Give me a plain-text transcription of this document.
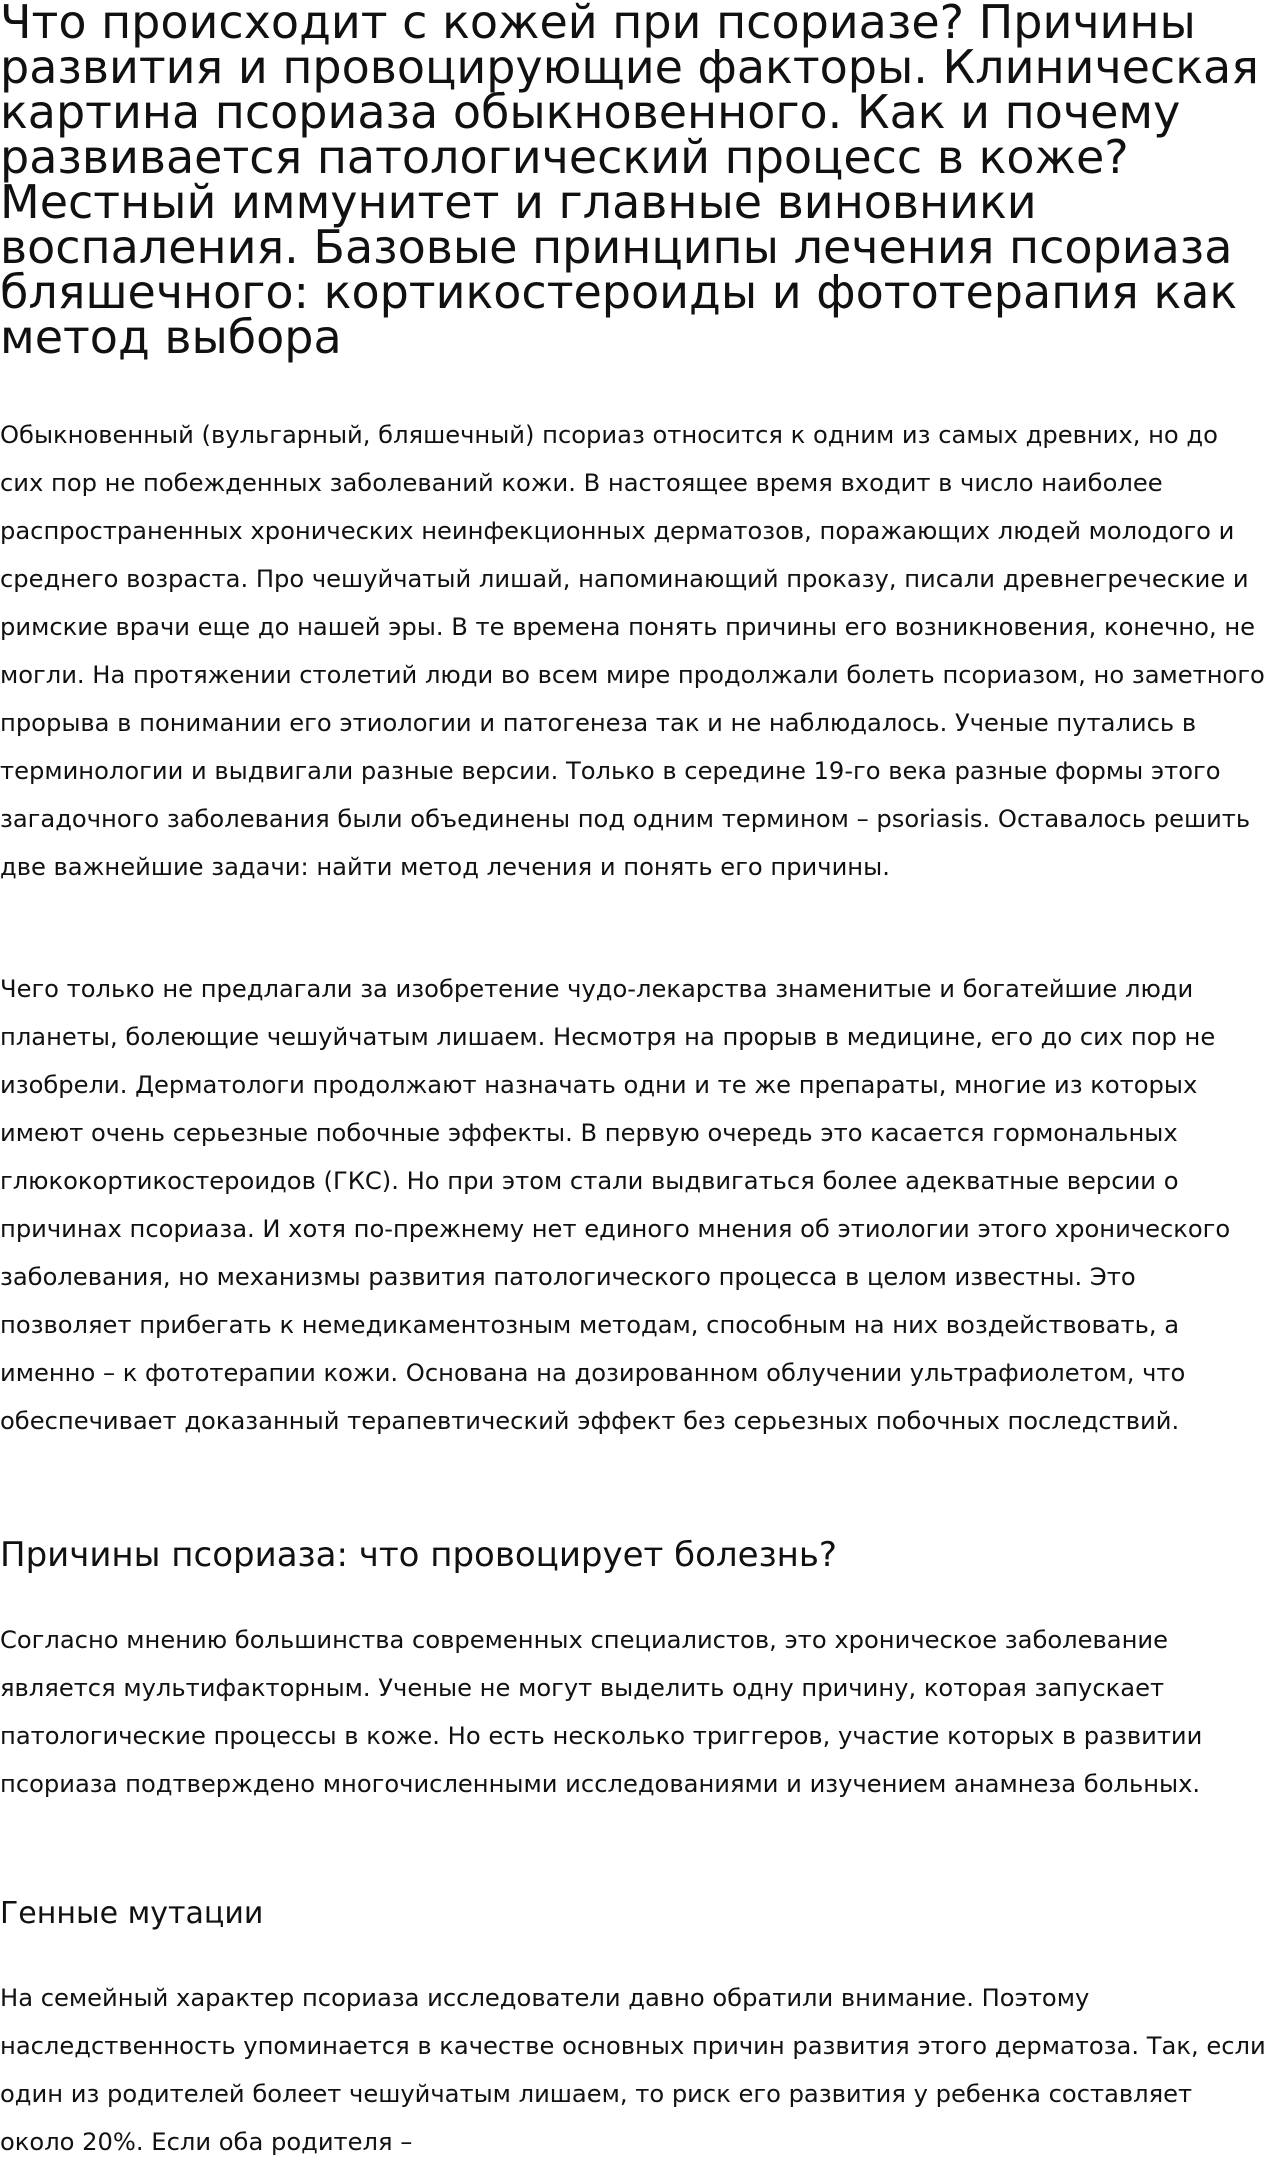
Что происходит с кожей при псориазе? Причины развития и провоцирующие факторы. Клиническая картина псориаза обыкновенного. Как и почему развивается патологический процесс в коже? Местный иммунитет и главные виновники воспаления. Базовые принципы лечения псориаза бляшечного: кортикостероиды и фототерапия как метод выбора

Обыкновенный (вульгарный, бляшечный) псориаз относится к одним из самых древних, но до сих пор не побежденных заболеваний кожи. В настоящее время входит в число наиболее распространенных хронических неинфекционных дерматозов, поражающих людей молодого и среднего возраста. Про чешуйчатый лишай, напоминающий проказу, писали древнегреческие и римские врачи еще до нашей эры. В те времена понять причины его возникновения, конечно, не могли. На протяжении столетий люди во всем мире продолжали болеть псориазом, но заметного прорыва в понимании его этиологии и патогенеза так и не наблюдалось. Ученые путались в терминологии и выдвигали разные версии. Только в середине 19-го века разные формы этого загадочного заболевания были объединены под одним термином – psoriasis. Оставалось решить две важнейшие задачи: найти метод лечения и понять его причины.

Чего только не предлагали за изобретение чудо-лекарства знаменитые и богатейшие люди планеты, болеющие чешуйчатым лишаем. Несмотря на прорыв в медицине, его до сих пор не изобрели. Дерматологи продолжают назначать одни и те же препараты, многие из которых имеют очень серьезные побочные эффекты. В первую очередь это касается гормональных глюкокортикостероидов (ГКС). Но при этом стали выдвигаться более адекватные версии о причинах псориаза. И хотя по-прежнему нет единого мнения об этиологии этого хронического заболевания, но механизмы развития патологического процесса в целом известны. Это позволяет прибегать к немедикаментозным методам, способным на них воздействовать, а именно – к фототерапии кожи. Основана на дозированном облучении ультрафиолетом, что обеспечивает доказанный терапевтический эффект без серьезных побочных последствий.

Причины псориаза: что провоцирует болезнь?

Согласно мнению большинства современных специалистов, это хроническое заболевание является мультифакторным. Ученые не могут выделить одну причину, которая запускает патологические процессы в коже. Но есть несколько триггеров, участие которых в развитии псориаза подтверждено многочисленными исследованиями и изучением анамнеза больных.

Генные мутации

На семейный характер псориаза исследователи давно обратили внимание. Поэтому наследственность упоминается в качестве основных причин развития этого дерматоза. Так, если один из родителей болеет чешуйчатым лишаем, то риск его развития у ребенка составляет около 20%. Если оба родителя –
